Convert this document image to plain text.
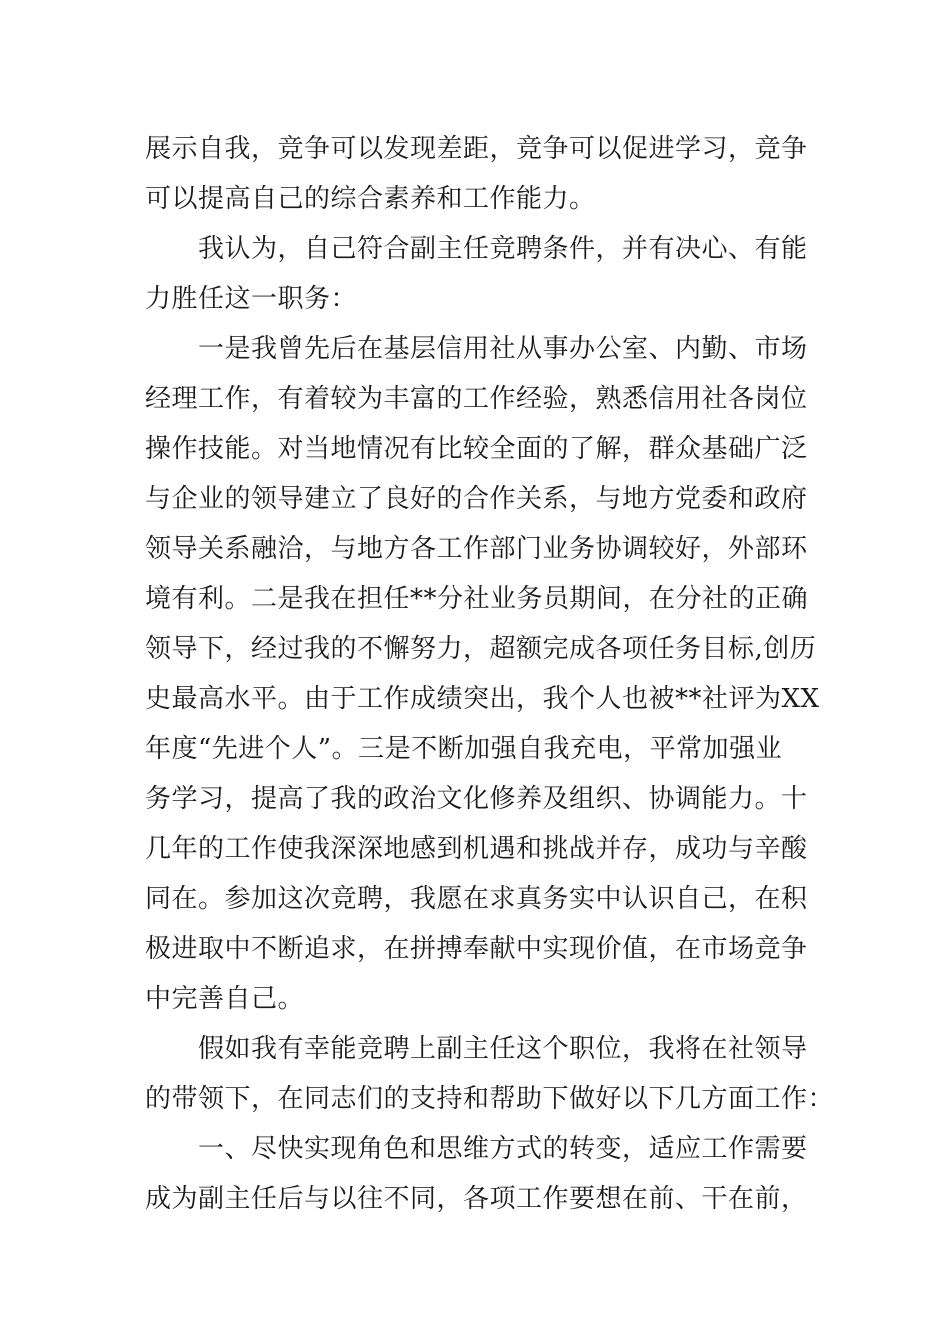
展示自我，竞争可以发现差距，竞争可以促进学习，竞争
可以提高自己的综合素养和工作能力。
我认为，自己符合副主任竞聘条件，并有决心、有能
力胜任这一职务：
一是我曾先后在基层信用社从事办公室、内勤、市场
经理工作，有着较为丰富的工作经验，熟悉信用社各岗位
操作技能。对当地情况有比较全面的了解，群众基础广泛
与企业的领导建立了良好的合作关系，与地方党委和政府
领导关系融洽，与地方各工作部门业务协调较好，外部环
境有利。二是我在担任**分社业务员期间，在分社的正确
领导下，经过我的不懈努力，超额完成各项任务目标,创历
史最高水平。由于工作成绩突出，我个人也被**社评为XX
年度“先进个人”。三是不断加强自我充电，平常加强业
务学习，提高了我的政治文化修养及组织、协调能力。十
几年的工作使我深深地感到机遇和挑战并存，成功与辛酸
同在。参加这次竞聘，我愿在求真务实中认识自己，在积
极进取中不断追求，在拼搏奉献中实现价值，在市场竞争
中完善自己。
假如我有幸能竞聘上副主任这个职位，我将在社领导
的带领下，在同志们的支持和帮助下做好以下几方面工作：
一、尽快实现角色和思维方式的转变，适应工作需要
成为副主任后与以往不同，各项工作要想在前、干在前，
